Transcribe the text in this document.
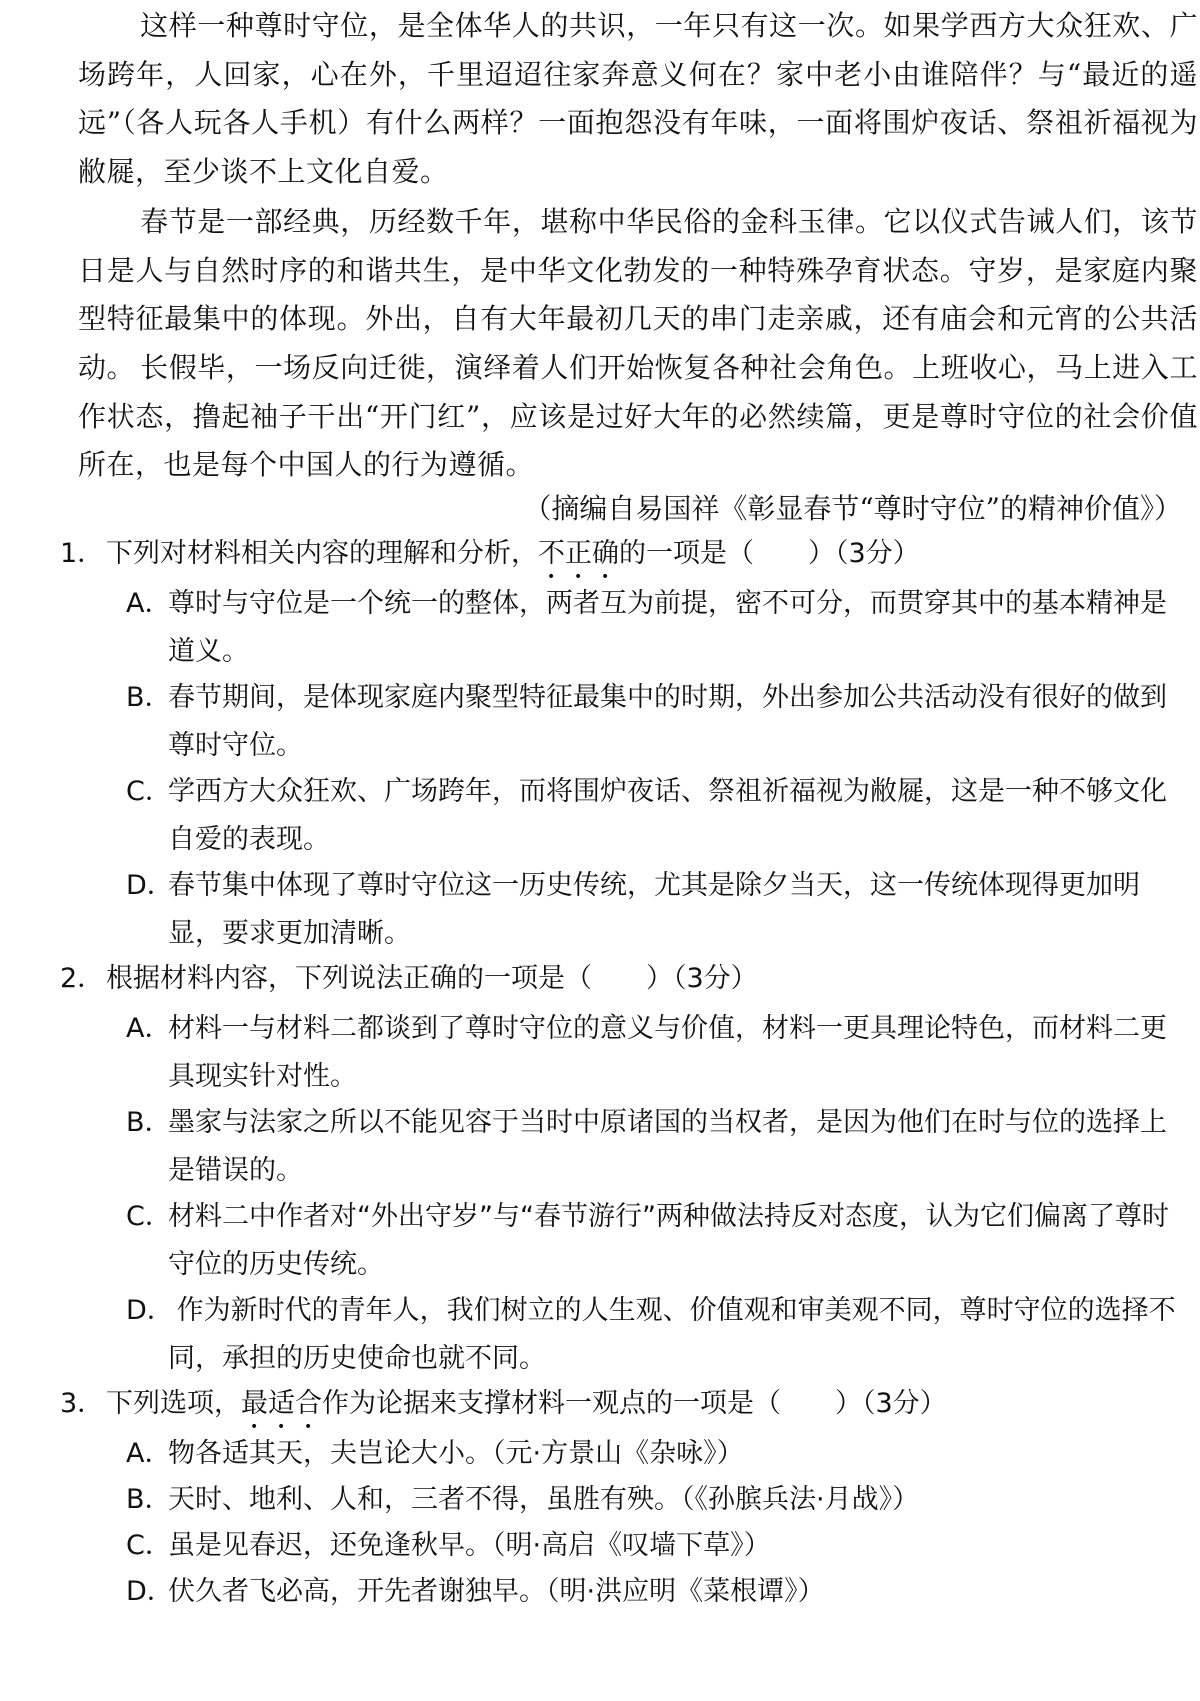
这样一种尊时守位，是全体华人的共识，一年只有这一次。如果学西方大众狂欢、广场跨年，人回家，心在外，千里迢迢往家奔意义何在？家中老小由谁陪伴？与“最近的遥远”（各人玩各人手机）有什么两样？一面抱怨没有年味，一面将围炉夜话、祭祖祈福视为敝屣，至少谈不上文化自爱。

春节是一部经典，历经数千年，堪称中华民俗的金科玉律。它以仪式告诫人们，该节日是人与自然时序的和谐共生，是中华文化勃发的一种特殊孕育状态。守岁，是家庭内聚型特征最集中的体现。外出，自有大年最初几天的串门走亲戚，还有庙会和元宵的公共活动。 长假毕，一场反向迁徙，演绎着人们开始恢复各种社会角色。上班收心，马上进入工作状态，撸起袖子干出“开门红”，应该是过好大年的必然续篇，更是尊时守位的社会价值所在，也是每个中国人的行为遵循。

（摘编自易国祥《彰显春节“尊时守位”的精神价值》）

1．下列对材料相关内容的理解和分析，不正确的一项是（　　）（3分）

A．尊时与守位是一个统一的整体，两者互为前提，密不可分，而贯穿其中的基本精神是道义。

B．春节期间，是体现家庭内聚型特征最集中的时期，外出参加公共活动没有很好的做到尊时守位。

C．学西方大众狂欢、广场跨年，而将围炉夜话、祭祖祈福视为敝屣，这是一种不够文化自爱的表现。

D．春节集中体现了尊时守位这一历史传统，尤其是除夕当天，这一传统体现得更加明显，要求更加清晰。

2．根据材料内容，下列说法正确的一项是（　　）（3分）

A．材料一与材料二都谈到了尊时守位的意义与价值，材料一更具理论特色，而材料二更具现实针对性。

B．墨家与法家之所以不能见容于当时中原诸国的当权者，是因为他们在时与位的选择上是错误的。

C．材料二中作者对“外出守岁”与“春节游行”两种做法持反对态度，认为它们偏离了尊时守位的历史传统。

D． 作为新时代的青年人，我们树立的人生观、价值观和审美观不同，尊时守位的选择不同，承担的历史使命也就不同。

3．下列选项，最适合作为论据来支撑材料一观点的一项是（　　）（3分）

A．物各适其天，夫岂论大小。（元·方景山《杂咏》）

B．天时、地利、人和，三者不得，虽胜有殃。（《孙膑兵法·月战》）

C．虽是见春迟，还免逢秋早。（明·高启《叹墙下草》）

D．伏久者飞必高，开先者谢独早。（明·洪应明《菜根谭》）
